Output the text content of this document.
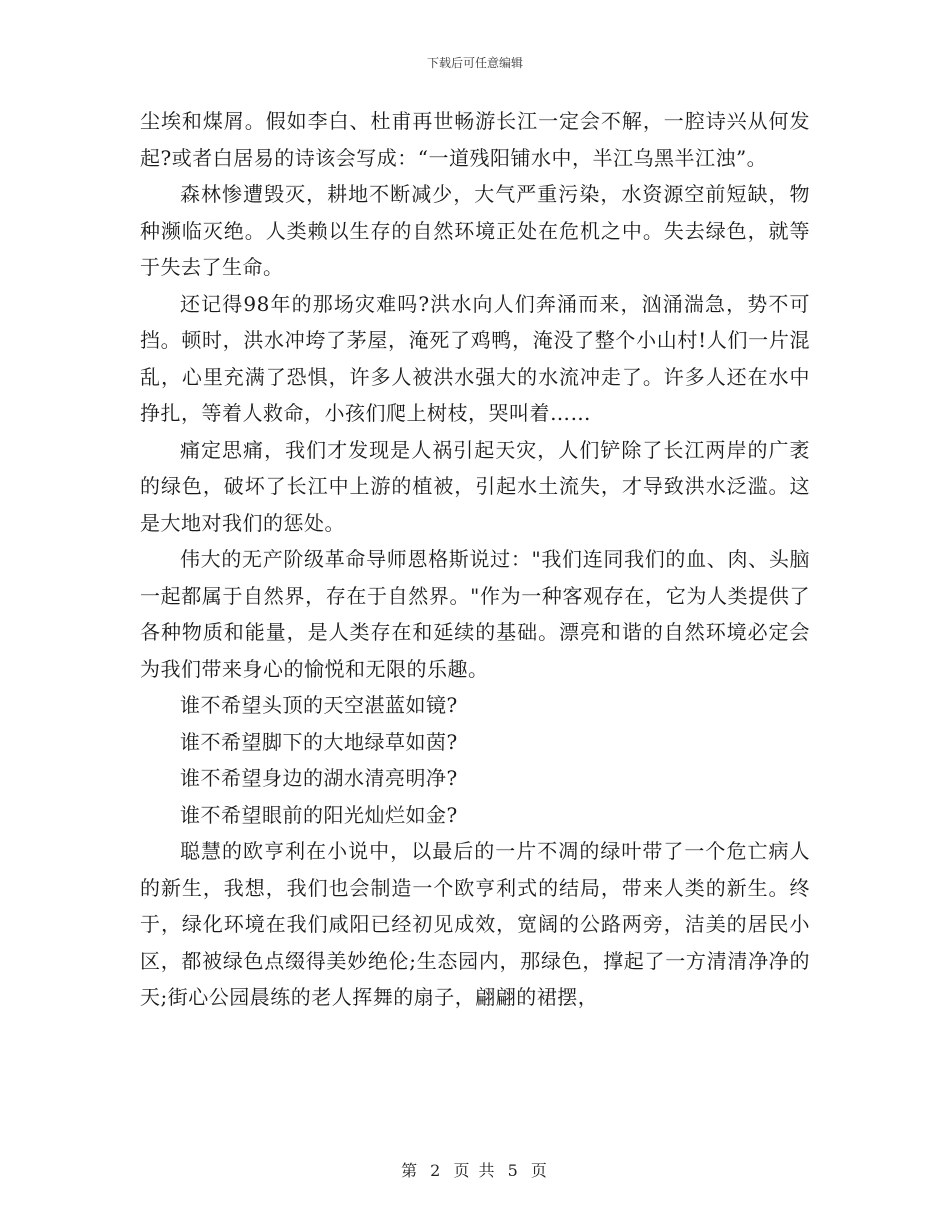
下载后可任意编辑

尘埃和煤屑。假如李白、杜甫再世畅游长江一定会不解，一腔诗兴从何发起?或者白居易的诗该会写成：“一道残阳铺水中，半江乌黑半江浊”。

森林惨遭毁灭，耕地不断减少，大气严重污染，水资源空前短缺，物种濒临灭绝。人类赖以生存的自然环境正处在危机之中。失去绿色，就等于失去了生命。

还记得98年的那场灾难吗?洪水向人们奔涌而来，汹涌湍急，势不可挡。顿时，洪水冲垮了茅屋，淹死了鸡鸭，淹没了整个小山村!人们一片混乱，心里充满了恐惧，许多人被洪水强大的水流冲走了。许多人还在水中挣扎，等着人救命，小孩们爬上树枝，哭叫着……

痛定思痛，我们才发现是人祸引起天灾，人们铲除了长江两岸的广袤的绿色，破坏了长江中上游的植被，引起水土流失，才导致洪水泛滥。这是大地对我们的惩处。

伟大的无产阶级革命导师恩格斯说过："我们连同我们的血、肉、头脑一起都属于自然界，存在于自然界。"作为一种客观存在，它为人类提供了各种物质和能量，是人类存在和延续的基础。漂亮和谐的自然环境必定会为我们带来身心的愉悦和无限的乐趣。

谁不希望头顶的天空湛蓝如镜?

谁不希望脚下的大地绿草如茵?

谁不希望身边的湖水清亮明净?

谁不希望眼前的阳光灿烂如金?

聪慧的欧亨利在小说中，以最后的一片不凋的绿叶带了一个危亡病人的新生，我想，我们也会制造一个欧亨利式的结局，带来人类的新生。终于，绿化环境在我们咸阳已经初见成效，宽阔的公路两旁，洁美的居民小区，都被绿色点缀得美妙绝伦;生态园内，那绿色，撑起了一方清清净净的天;街心公园晨练的老人挥舞的扇子，翩翩的裙摆，

第 2 页 共 5 页
